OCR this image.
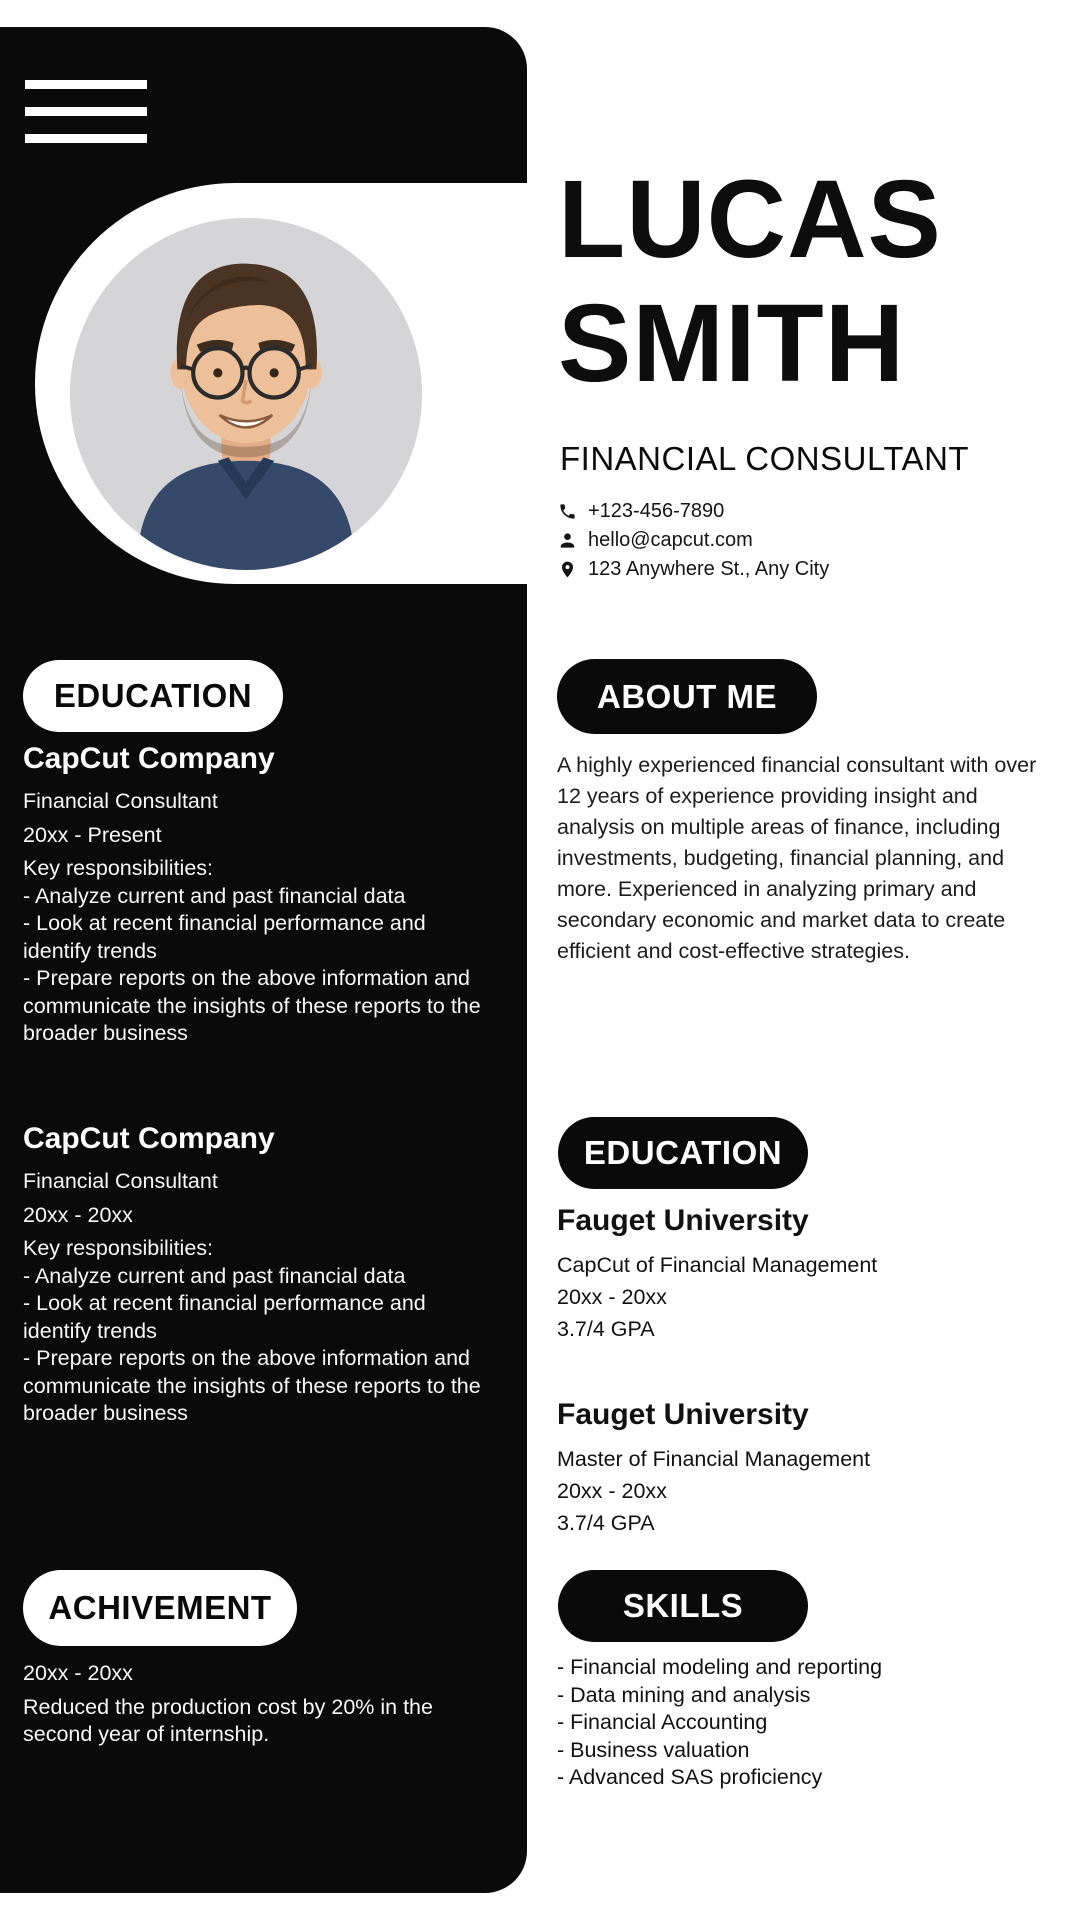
LUCAS
SMITH
FINANCIAL CONSULTANT
+123-456-7890
hello@capcut.com
123 Anywhere St., Any City
EDUCATION
CapCut Company

Financial Consultant

20xx - Present

Key responsibilities:

- Analyze current and past financial data

- Look at recent financial performance and identify trends

- Prepare reports on the above information and communicate the insights of these reports to the broader business

CapCut Company

Financial Consultant

20xx - 20xx

Key responsibilities:

- Analyze current and past financial data

- Look at recent financial performance and identify trends

- Prepare reports on the above information and communicate the insights of these reports to the broader business

ACHIVEMENT

20xx - 20xx

Reduced the production cost by 20% in the second year of internship.

ABOUT ME
A highly experienced financial consultant with over 12 years of experience providing insight and analysis on multiple areas of finance, including investments, budgeting, financial planning, and more. Experienced in analyzing primary and secondary economic and market data to create efficient and cost-effective strategies.
EDUCATION
Fauget University

CapCut of Financial Management

20xx - 20xx

3.7/4 GPA

Fauget University

Master of Financial Management

20xx - 20xx

3.7/4 GPA

SKILLS

- Financial modeling and reporting

- Data mining and analysis

- Financial Accounting

- Business valuation

- Advanced SAS proficiency
